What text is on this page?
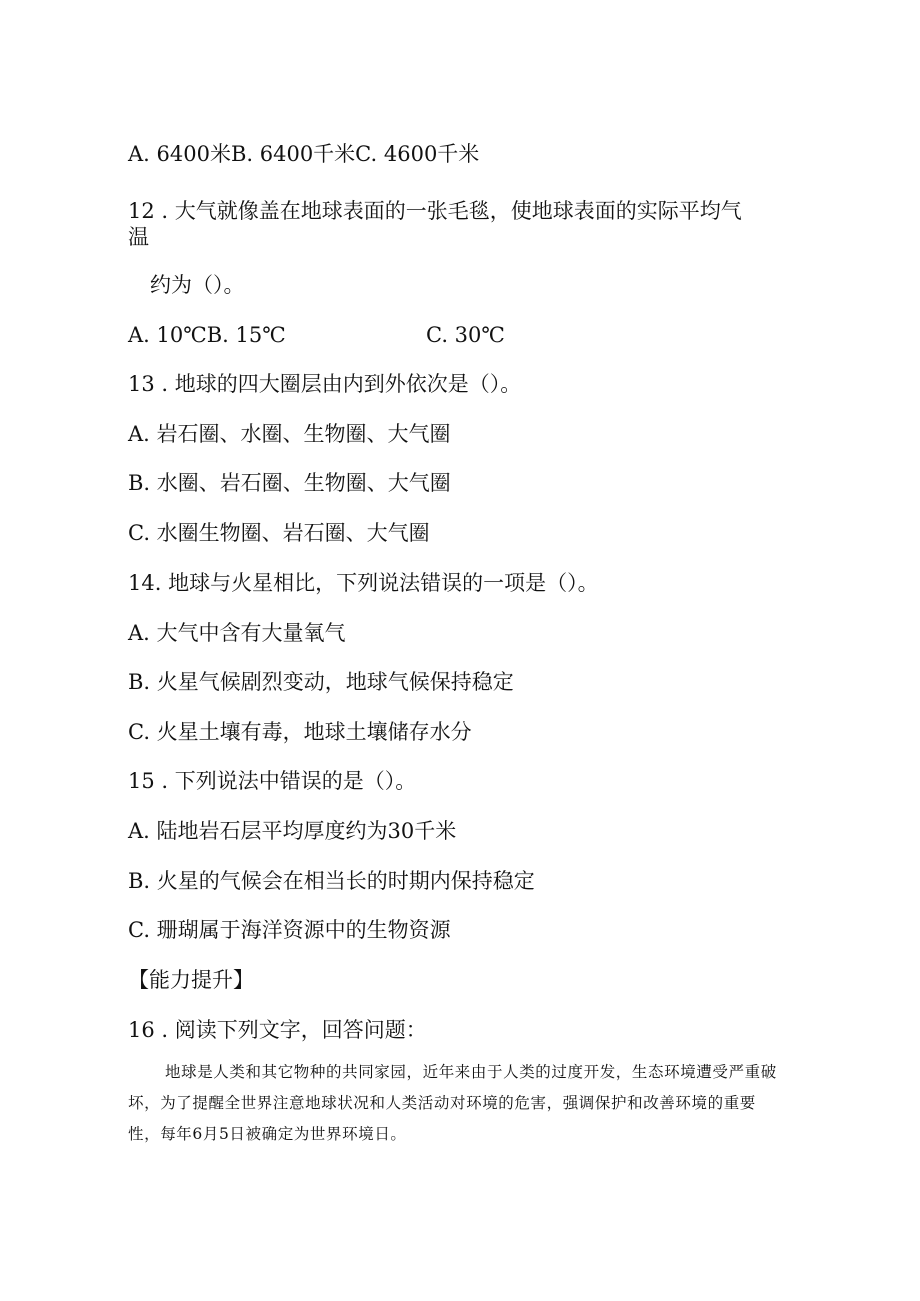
A. 6400米B. 6400千米C. 4600千米

12 . 大气就像盖在地球表面的一张毛毯，使地球表面的实际平均气

温

约为（）。

A. 10℃B. 15℃	C. 30℃

13 . 地球的四大圈层由内到外依次是（）。

A. 岩石圈、水圈、生物圈、大气圈

B. 水圈、岩石圈、生物圈、大气圈

C. 水圈生物圈、岩石圈、大气圈

14. 地球与火星相比，下列说法错误的一项是（）。

A. 大气中含有大量氧气

B. 火星气候剧烈变动，地球气候保持稳定

C. 火星土壤有毒，地球土壤储存水分

15 . 下列说法中错误的是（）。

A. 陆地岩石层平均厚度约为30千米

B. 火星的气候会在相当长的时期内保持稳定

C. 珊瑚属于海洋资源中的生物资源

【能力提升】

16 . 阅读下列文字，回答问题：

地球是人类和其它物种的共同家园，近年来由于人类的过度开发，生态环境遭受严重破坏，为了提醒全世界注意地球状况和人类活动对环境的危害，强调保护和改善环境的重要性，每年6月5日被确定为世界环境日。
